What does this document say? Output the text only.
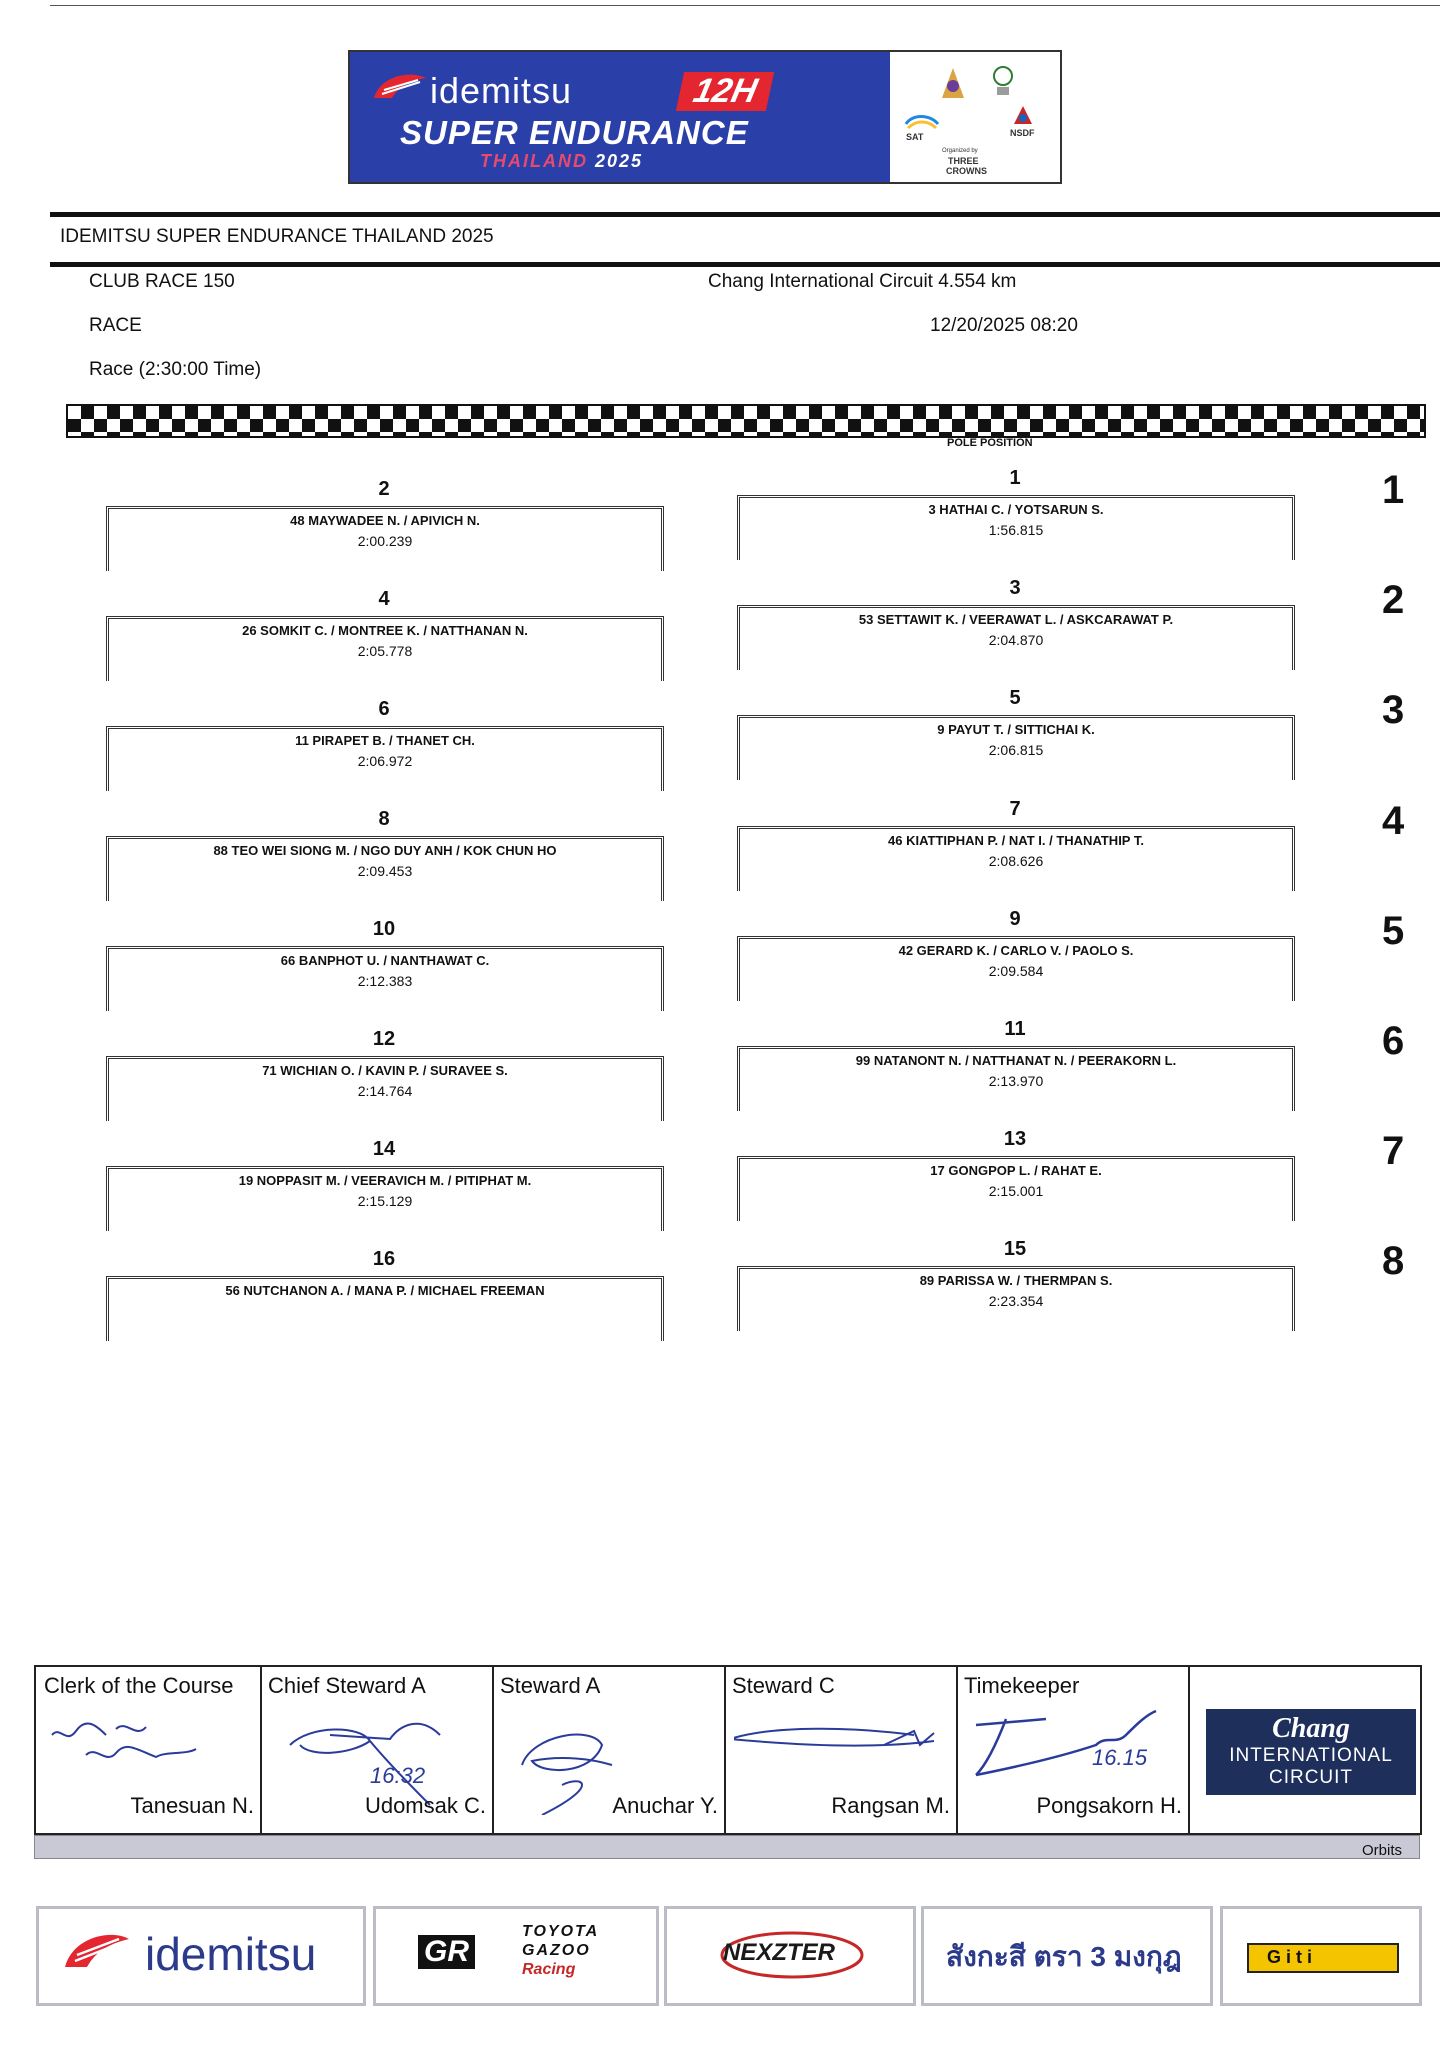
idemitsu	12H
SUPER ENDURANCE
THAILAND 2025
SAT	NSDF
Organized by
THREE
CROWNS
IDEMITSU SUPER ENDURANCE THAILAND 2025
CLUB RACE 150	Chang International Circuit 4.554 km
RACE	12/20/2025 08:20
Race (2:30:00 Time)
POLE POSITION
2
48 MAYWADEE N. / APIVICH N.
2:00.239
4
26 SOMKIT C. / MONTREE K. / NATTHANAN N.
2:05.778
6
11 PIRAPET B. / THANET CH.
2:06.972
8
88 TEO WEI SIONG M. / NGO DUY ANH / KOK CHUN HO
2:09.453
10
66 BANPHOT U. / NANTHAWAT C.
2:12.383
12
71 WICHIAN O. / KAVIN P. / SURAVEE S.
2:14.764
14
19 NOPPASIT M. / VEERAVICH M. / PITIPHAT M.
2:15.129
16
56 NUTCHANON A. / MANA P. / MICHAEL FREEMAN
1
3 HATHAI C. / YOTSARUN S.
1:56.815
3
53 SETTAWIT K. / VEERAWAT L. / ASKCARAWAT P.
2:04.870
5
9 PAYUT T. / SITTICHAI K.
2:06.815
7
46 KIATTIPHAN P. / NAT I. / THANATHIP T.
2:08.626
9
42 GERARD K. / CARLO V. / PAOLO S.
2:09.584
11
99 NATANONT N. / NATTHANAT N. / PEERAKORN L.
2:13.970
13
17 GONGPOP L. / RAHAT E.
2:15.001
15
89 PARISSA W. / THERMPAN S.
2:23.354
1
2
3
4
5
6
7
8
Clerk of the Course
Tanesuan N.
Chief Steward A
16:32
Udomsak C.
Steward A
Anuchar Y.
Steward C
Rangsan M.
Timekeeper
16.15
Pongsakorn H.
Chang
INTERNATIONAL
CIRCUIT
Orbits
idemitsu	GR
TOYOTA
GAZOO
Racing
NEXZTER	สังกะสี ตรา 3 มงกุฎ	Giti
